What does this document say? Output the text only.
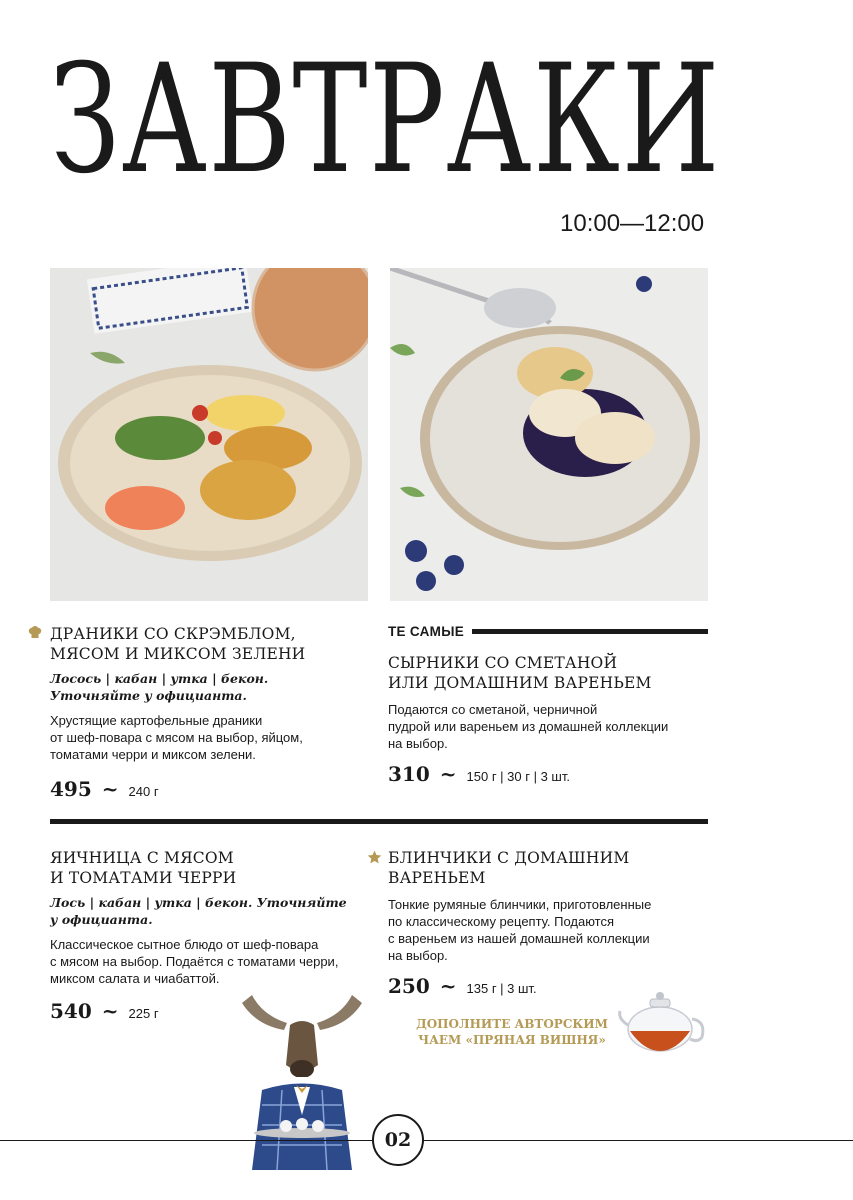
ЗАВТРАКИ
10:00—12:00

ДРАНИКИ СО СКРЭМБЛОМ,
МЯСОМ И МИКСОМ ЗЕЛЕНИ

Лосось | кабан | утка | бекон.
Уточняйте у официанта.
Хрустящие картофельные драники
от шеф-повара с мясом на выбор, яйцом,
томатами черри и миксом зелени.
495 ~ 240 г
ТЕ САМЫЕ

СЫРНИКИ СО СМЕТАНОЙ
ИЛИ ДОМАШНИМ ВАРЕНЬЕМ

Подаются со сметаной, черничной
пудрой или вареньем из домашней коллекции
на выбор.
310 ~ 150 г | 30 г | 3 шт.

ЯИЧНИЦА С МЯСОМ
И ТОМАТАМИ ЧЕРРИ

Лось | кабан | утка | бекон. Уточняйте
у официанта.
Классическое сытное блюдо от шеф-повара
с мясом на выбор. Подаётся с томатами черри,
миксом салата и чиабаттой.
540 ~ 225 г

БЛИНЧИКИ С ДОМАШНИМ
ВАРЕНЬЕМ

Тонкие румяные блинчики, приготовленные
по классическому рецепту. Подаются
с вареньем из нашей домашней коллекции
на выбор.
250 ~ 135 г | 3 шт.
ДОПОЛНИТЕ АВТОРСКИМ ЧАЕМ «ПРЯНАЯ ВИШНЯ»
02
